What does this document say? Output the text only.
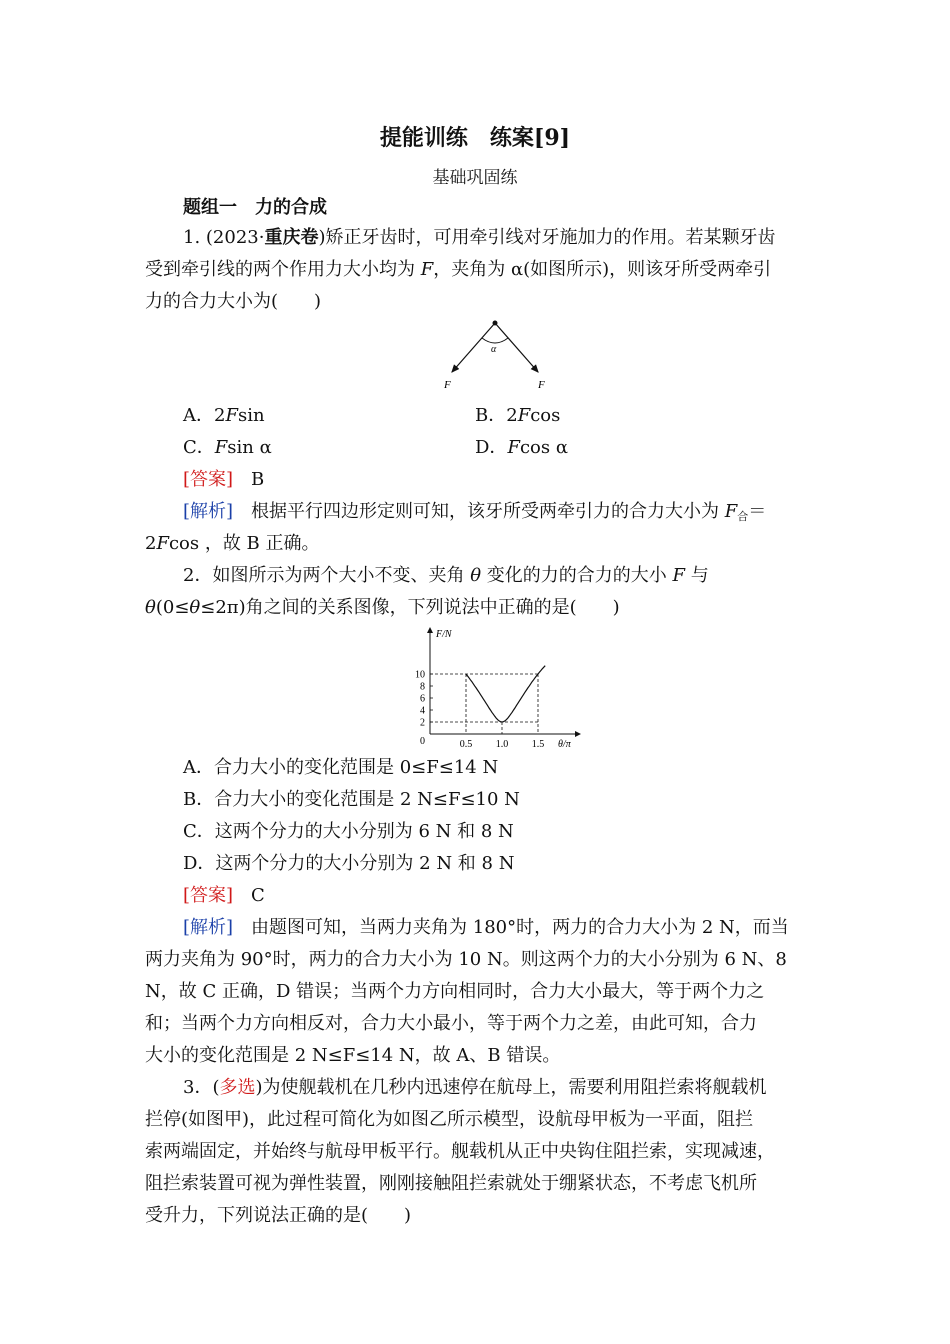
提能训练　练案[9]
基础巩固练
题组一　力的合成
1. (2023·重庆卷)矫正牙齿时，可用牵引线对牙施加力的作用。若某颗牙齿
受到牵引线的两个作用力大小均为 F，夹角为 α(如图所示)，则该牙所受两牵引
力的合力大小为(　　)
α
F	F
A．2Fsin	B．2Fcos
C．Fsin α	D．Fcos α
[答案]　B
[解析]　根据平行四边形定则可知，该牙所受两牵引力的合力大小为 $F_合=$
2Fcos ，故 B 正确。
2．如图所示为两个大小不变、夹角 θ 变化的力的合力的大小 F 与
θ(0≤θ≤2π)角之间的关系图像，下列说法中正确的是(　　)
F/N
θ/π
2
4
6
8
10
0	0.5 1.0 1.5
A．合力大小的变化范围是 0≤F≤14 N
B．合力大小的变化范围是 2 N≤F≤10 N
C．这两个分力的大小分别为 6 N 和 8 N
D．这两个分力的大小分别为 2 N 和 8 N
[答案]　C
[解析]　由题图可知，当两力夹角为 180°时，两力的合力大小为 2 N，而当
两力夹角为 90°时，两力的合力大小为 10 N。则这两个力的大小分别为 6 N、8
N，故 C 正确，D 错误；当两个力方向相同时，合力大小最大，等于两个力之
和；当两个力方向相反对，合力大小最小，等于两个力之差，由此可知，合力
大小的变化范围是 2 N≤F≤14 N，故 A、B 错误。
3．(多选)为使舰载机在几秒内迅速停在航母上，需要利用阻拦索将舰载机
拦停(如图甲)，此过程可简化为如图乙所示模型，设航母甲板为一平面，阻拦
索两端固定，并始终与航母甲板平行。舰载机从正中央钩住阻拦索，实现减速，
阻拦索装置可视为弹性装置，刚刚接触阻拦索就处于绷紧状态，不考虑飞机所
受升力，下列说法正确的是(　　)
